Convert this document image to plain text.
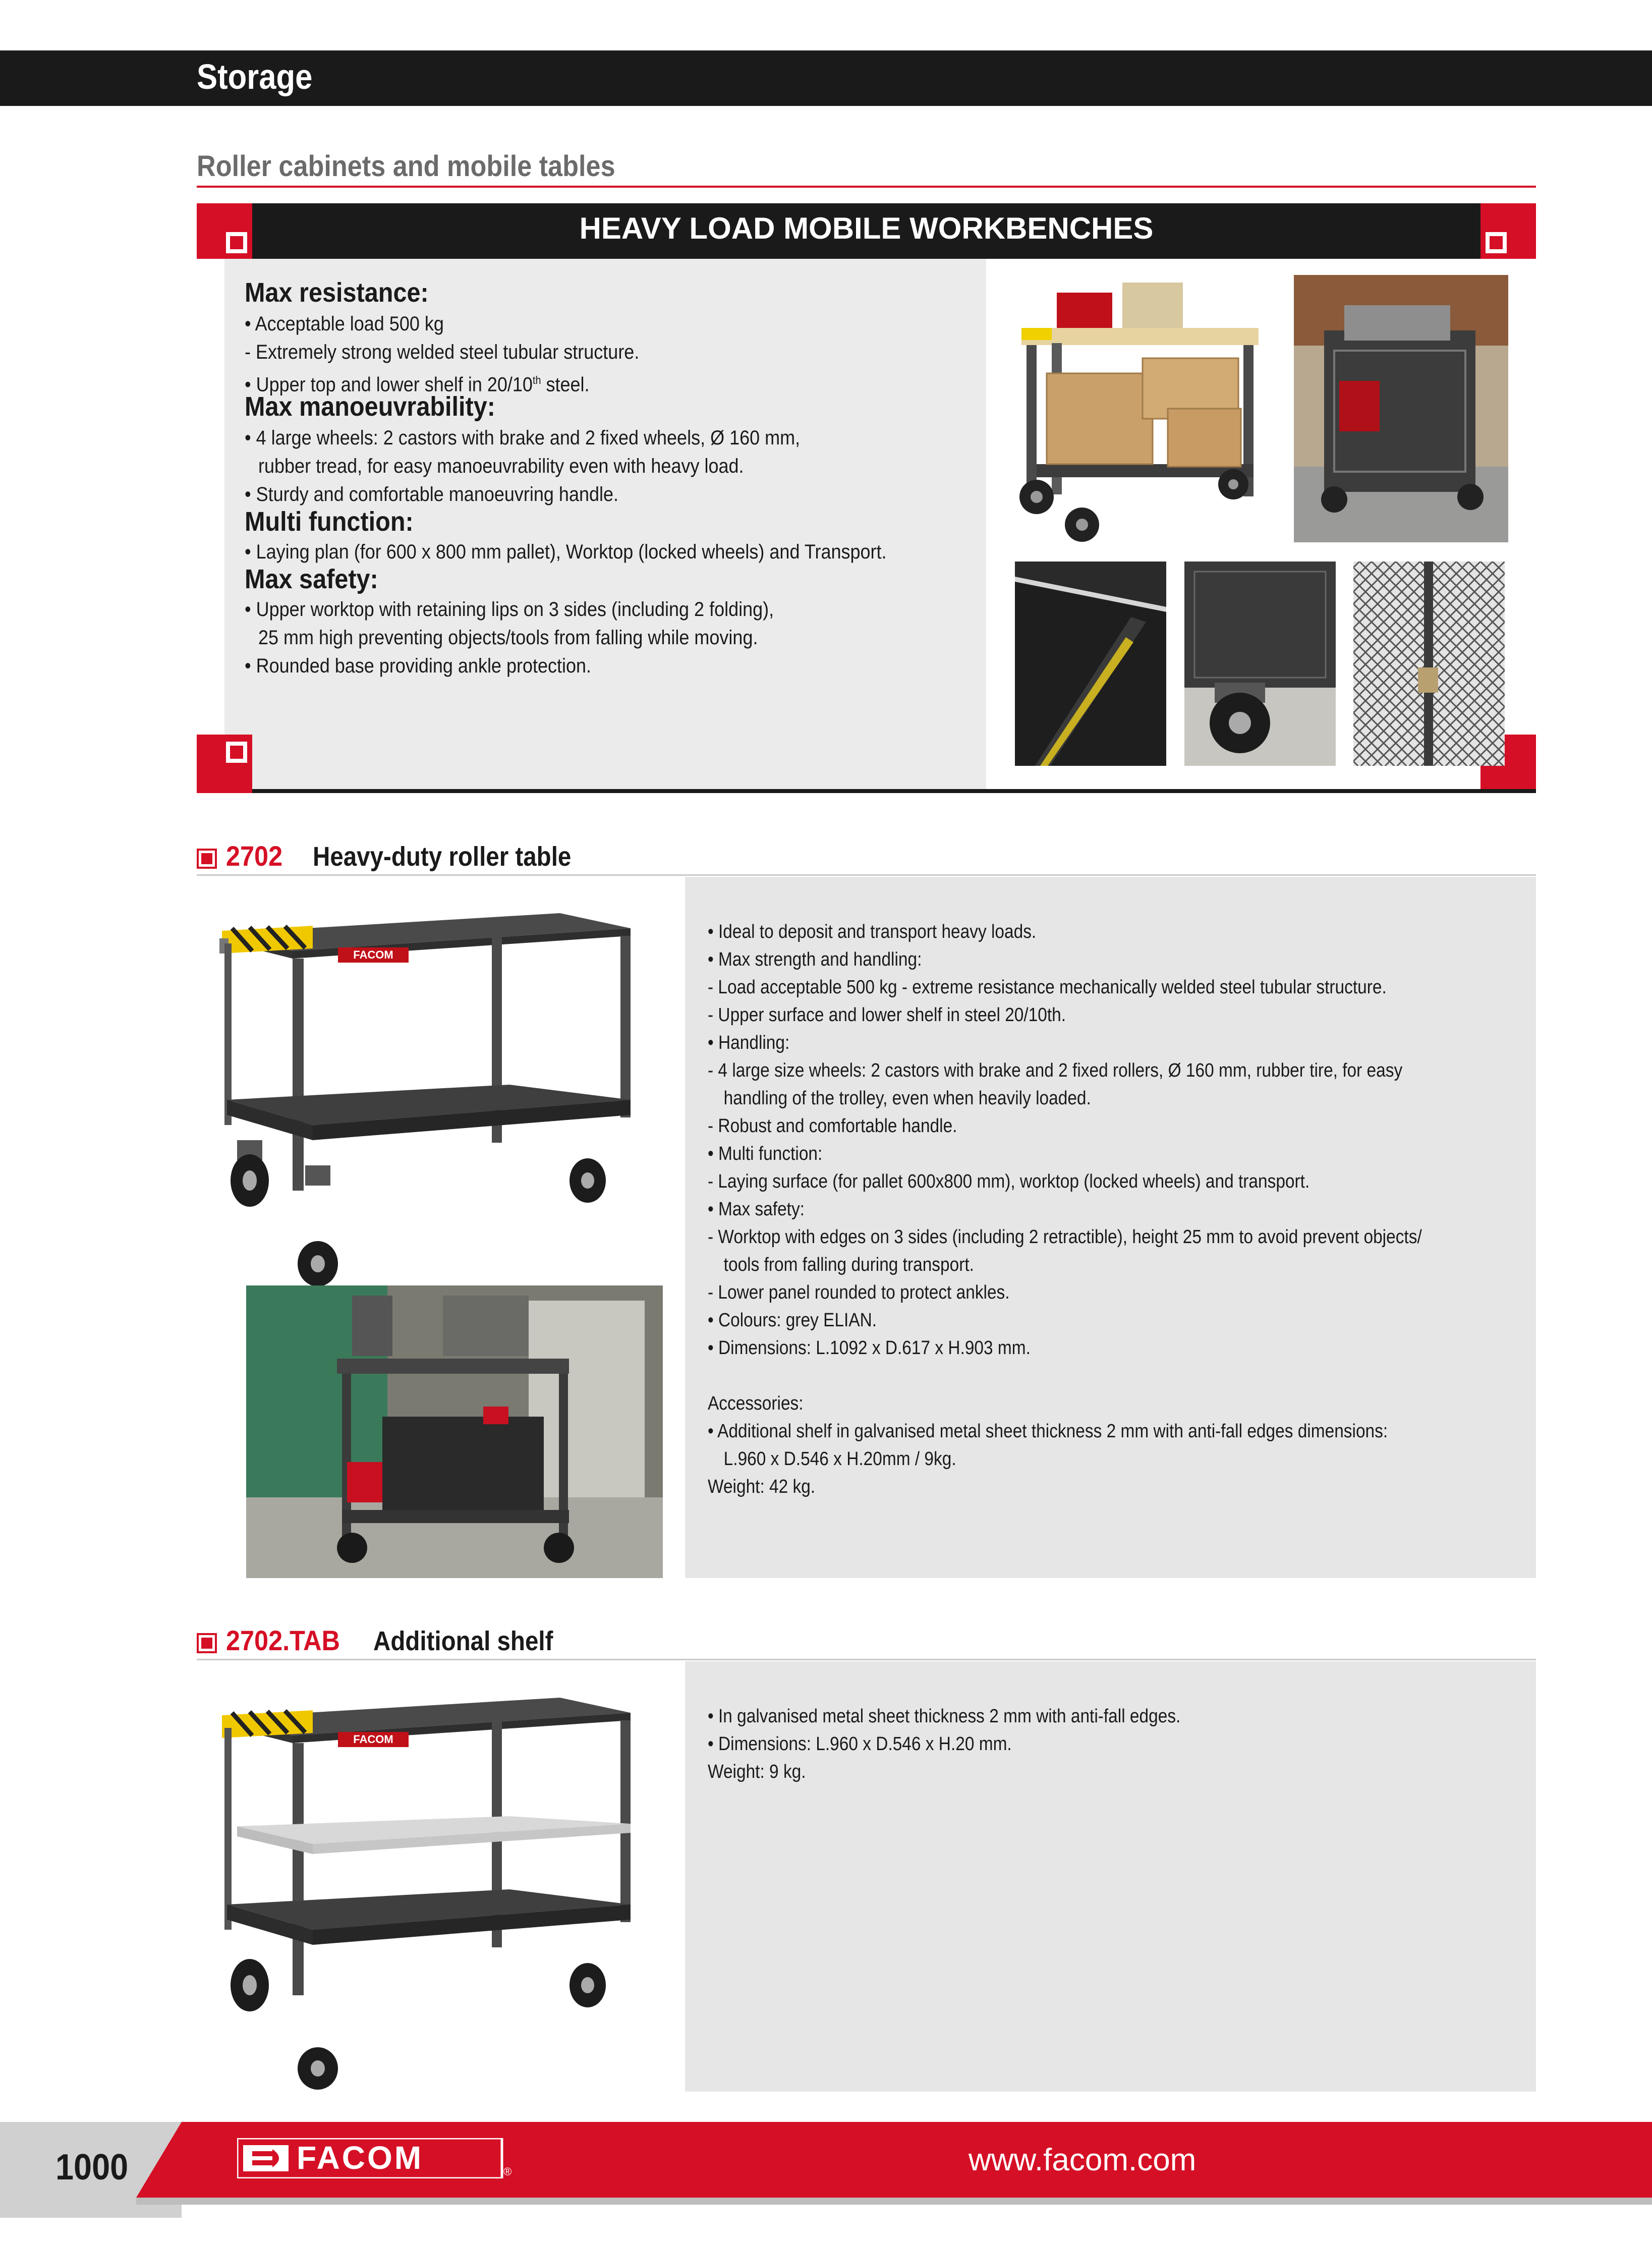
Storage
Roller cabinets and mobile tables
HEAVY LOAD MOBILE WORKBENCHES
Max resistance:
• Acceptable load 500 kg
- Extremely strong welded steel tubular structure.
• Upper top and lower shelf in 20/10th steel.
Max manoeuvrability:
• 4 large wheels: 2 castors with brake and 2 fixed wheels, Ø 160 mm,
rubber tread, for easy manoeuvrability even with heavy load.
• Sturdy and comfortable manoeuvring handle.
Multi function:
• Laying plan (for 600 x 800 mm pallet), Worktop (locked wheels) and Transport.
Max safety:
• Upper worktop with retaining lips on 3 sides (including 2 folding),
25 mm high preventing objects/tools from falling while moving.
• Rounded base providing ankle protection.
2702 Heavy-duty roller table
• Ideal to deposit and transport heavy loads.
• Max strength and handling:
- Load acceptable 500 kg - extreme resistance mechanically welded steel tubular structure.
- Upper surface and lower shelf in steel 20/10th.
• Handling:
- 4 large size wheels: 2 castors with brake and 2 fixed rollers, Ø 160 mm, rubber tire, for easy
handling of the trolley, even when heavily loaded.
- Robust and comfortable handle.
• Multi function:
- Laying surface (for pallet 600x800 mm), worktop (locked wheels) and transport.
• Max safety:
- Worktop with edges on 3 sides (including 2 retractible), height 25 mm to avoid prevent objects/
tools from falling during transport.
- Lower panel rounded to protect ankles.
• Colours: grey ELIAN.
• Dimensions: L.1092 x D.617 x H.903 mm.
Accessories:
• Additional shelf in galvanised metal sheet thickness 2 mm with anti-fall edges dimensions:
L.960 x D.546 x H.20mm / 9kg.
Weight: 42 kg.
FACOM
2702.TAB Additional shelf
• In galvanised metal sheet thickness 2 mm with anti-fall edges.
• Dimensions: L.960 x D.546 x H.20 mm.
Weight: 9 kg.
FACOM
1000	FACOM	®	www.facom.com
